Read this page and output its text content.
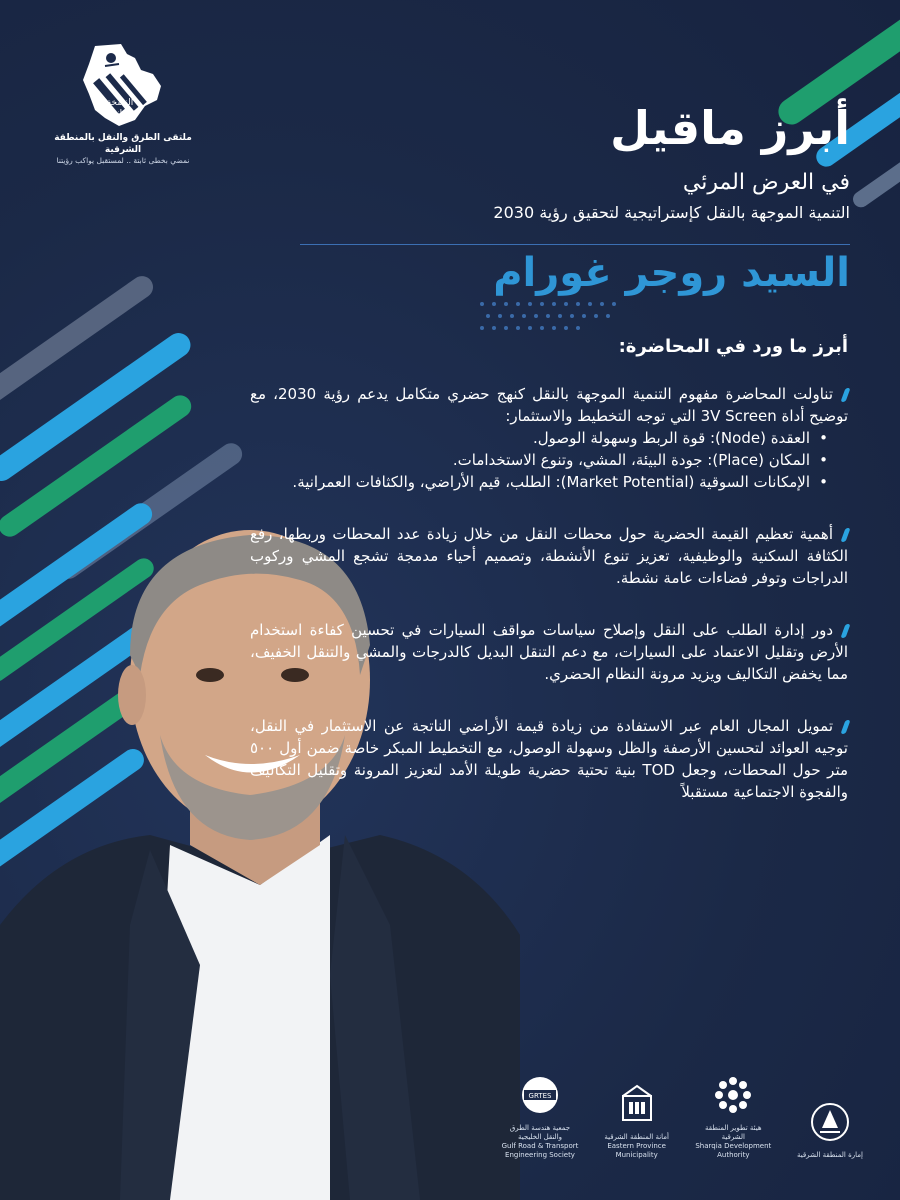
ملتقى الطرق والنقل بالمنطقة الشرقية
نمضي بخطى ثابتة .. لمستقبل يواكب رؤيتنا
النسخة الثانية	أبرز ماقيل
في العرض المرئي
التنمية الموجهة بالنقل كإستراتيجية لتحقيق رؤية 2030
السيد روجر غورام
أبرز ما ورد في المحاضرة:

تناولت المحاضرة مفهوم التنمية الموجهة بالنقل كنهج حضري متكامل يدعم رؤية 2030، مع توضيح أداة 3V Screen التي توجه التخطيط والاستثمار:

• العقدة (Node): قوة الربط وسهولة الوصول.
• المكان (Place): جودة البيئة، المشي، وتنوع الاستخدامات.
• الإمكانات السوقية (Market Potential): الطلب، قيم الأراضي، والكثافات العمرانية.

أهمية تعظيم القيمة الحضرية حول محطات النقل من خلال زيادة عدد المحطات وربطها، رفع الكثافة السكنية والوظيفية، تعزيز تنوع الأنشطة، وتصميم أحياء مدمجة تشجع المشي وركوب الدراجات وتوفر فضاءات عامة نشطة.

دور إدارة الطلب على النقل وإصلاح سياسات مواقف السيارات في تحسين كفاءة استخدام الأرض وتقليل الاعتماد على السيارات، مع دعم التنقل البديل كالدرجات والمشي والتنقل الخفيف، مما يخفض التكاليف ويزيد مرونة النظام الحضري.

تمويل المجال العام عبر الاستفادة من زيادة قيمة الأراضي الناتجة عن الاستثمار في النقل، توجيه العوائد لتحسين الأرصفة والظل وسهولة الوصول، مع التخطيط المبكر خاصة ضمن أول ٥٠٠ متر حول المحطات، وجعل TOD بنية تحتية حضرية طويلة الأمد لتعزيز المرونة وتقليل التكاليف والفجوة الاجتماعية مستقبلاً

إمارة المنطقة الشرقية
هيئة تطوير المنطقة الشرقية
Sharqia Development Authority
أمانة المنطقة الشرقية
Eastern Province Municipality
GRTES
جمعية هندسة الطرق والنقل الخليجية
Gulf Road & Transport Engineering Society
